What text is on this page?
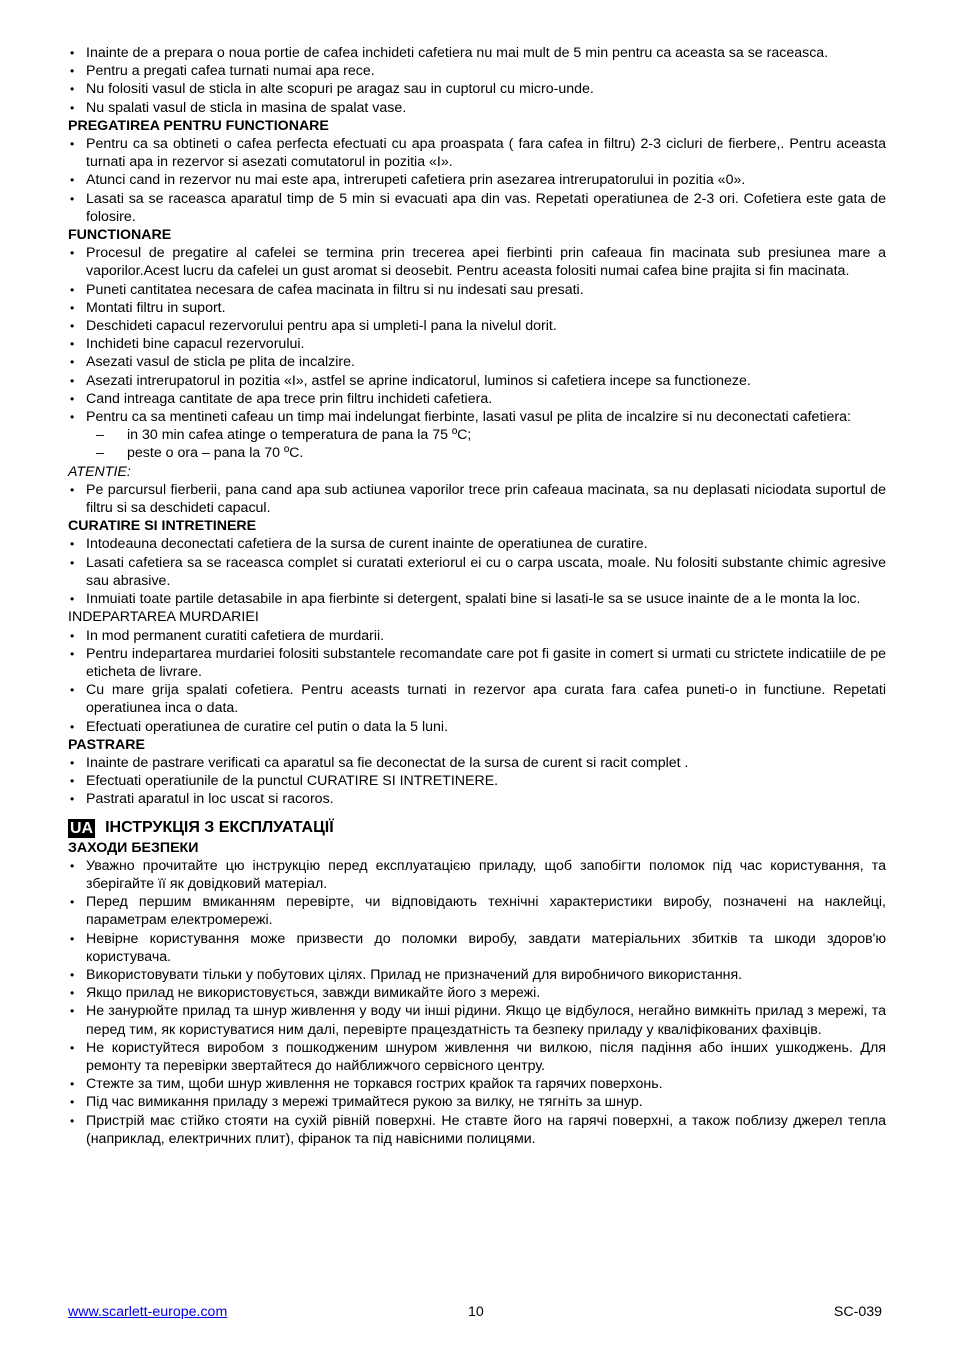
• Inainte de a prepara o noua portie de cafea inchideti cafetiera nu mai mult de 5 min pentru ca aceasta sa se raceasca.
• Pentru a pregati cafea turnati numai apa rece.
• Nu folositi vasul de sticla in alte scopuri pe aragaz sau in cuptorul cu micro-unde.
• Nu spalati vasul de sticla in masina de spalat vase.
PREGATIREA PENTRU FUNCTIONARE
• Pentru ca sa obtineti o cafea perfecta efectuati cu apa proaspata ( fara cafea in filtru) 2-3 cicluri de fierbere,. Pentru aceasta turnati apa in rezervor si asezati comutatorul in pozitia «I».
• Atunci cand in rezervor nu mai este apa, intrerupeti cafetiera prin asezarea intrerupatorului in pozitia «0».
• Lasati sa se raceasca aparatul timp de 5 min si evacuati apa din vas. Repetati operatiunea de 2-3 ori. Cofetiera este gata de folosire.
FUNCTIONARE
• Procesul de pregatire al cafelei se termina prin trecerea apei fierbinti prin cafeaua fin macinata sub presiunea mare a vaporilor.Acest lucru da cafelei un gust aromat si deosebit. Pentru aceasta folositi numai cafea bine prajita si fin macinata.
• Puneti cantitatea necesara de cafea macinata in filtru si nu indesati sau presati.
• Montati filtru in suport.
• Deschideti capacul rezervorului pentru apa si umpleti-l pana la nivelul dorit.
• Inchideti bine capacul rezervorului.
• Asezati vasul de sticla pe plita de incalzire.
• Asezati intrerupatorul in pozitia «I», astfel se aprine indicatorul, luminos si cafetiera incepe sa functioneze.
• Cand intreaga cantitate de apa trece prin filtru inchideti cafetiera.
• Pentru ca sa mentineti cafeau un timp mai indelungat fierbinte, lasati vasul pe plita de incalzire si nu deconectati cafetiera:
– in 30 min cafea atinge o temperatura de pana la 75 ºC;
– peste o ora – pana la 70 ºC.
ATENTIE:
• Pe parcursul fierberii, pana cand apa sub actiunea vaporilor trece prin cafeaua macinata, sa nu deplasati niciodata suportul de filtru si sa deschideti capacul.
CURATIRE SI INTRETINERE
• Intodeauna deconectati cafetiera de la sursa de curent inainte de operatiunea de curatire.
• Lasati cafetiera sa se raceasca complet si curatati exteriorul ei cu o carpa uscata, moale. Nu folositi substante chimic agresive sau abrasive.
• Inmuiati toate partile detasabile in apa fierbinte si detergent, spalati bine si lasati-le sa se usuce inainte de a le monta la loc.
INDEPARTAREA MURDARIEI
• In mod permanent curatiti cafetiera de murdarii.
• Pentru indepartarea murdariei folositi substantele recomandate care pot fi gasite in comert si urmati cu strictete indicatiile de pe eticheta de livrare.
• Cu mare grija spalati cofetiera. Pentru aceasts turnati in rezervor apa curata fara cafea puneti-o in functiune. Repetati operatiunea inca o data.
• Efectuati operatiunea de curatire cel putin o data la 5 luni.
PASTRARE
• Inainte de pastrare verificati ca aparatul sa fie deconectat de la sursa de curent si racit complet .
• Efectuati operatiunile de la punctul CURATIRE SI INTRETINERE.
• Pastrati aparatul in loc uscat si racoros.
UA ІНСТРУКЦІЯ З ЕКСПЛУАТАЦІЇ
ЗАХОДИ БЕЗПЕКИ
• Уважно прочитайте цю інструкцію перед експлуатацією приладу, щоб запобігти поломок під час користування, та зберігайте її як довідковий матеріал.
• Перед першим вмиканням перевірте, чи відповідають технічні характеристики виробу, позначені на наклейці, параметрам електромережі.
• Невірне користування може призвести до поломки виробу, завдати матеріальних збитків та шкоди здоров'ю користувача.
• Використовувати тільки у побутових цілях. Прилад не призначений для виробничого використання.
• Якщо прилад не використовується, завжди вимикайте його з мережі.
• Не занурюйте прилад та шнур живлення у воду чи інші рідини. Якщо це відбулося, негайно вимкніть прилад з мережі, та перед тим, як користуватися ним далі, перевірте працездатність та безпеку приладу у кваліфікованих фахівців.
• Не користуйтеся виробом з пошкодженим шнуром живлення чи вилкою, після падіння або інших ушкоджень. Для ремонту та перевірки звертайтеся до найближчого сервісного центру.
• Стежте за тим, щоби шнур живлення не торкався гострих крайок та гарячих поверхонь.
• Під час вимикання приладу з мережі тримайтеся рукою за вилку, не тягніть за шнур.
• Пристрій має стійко стояти на сухій рівній поверхні. Не ставте його на гарячі поверхні, а також поблизу джерел тепла (наприклад, електричних плит), фіранок та під навісними полицями.
www.scarlett-europe.com	10	SC-039
